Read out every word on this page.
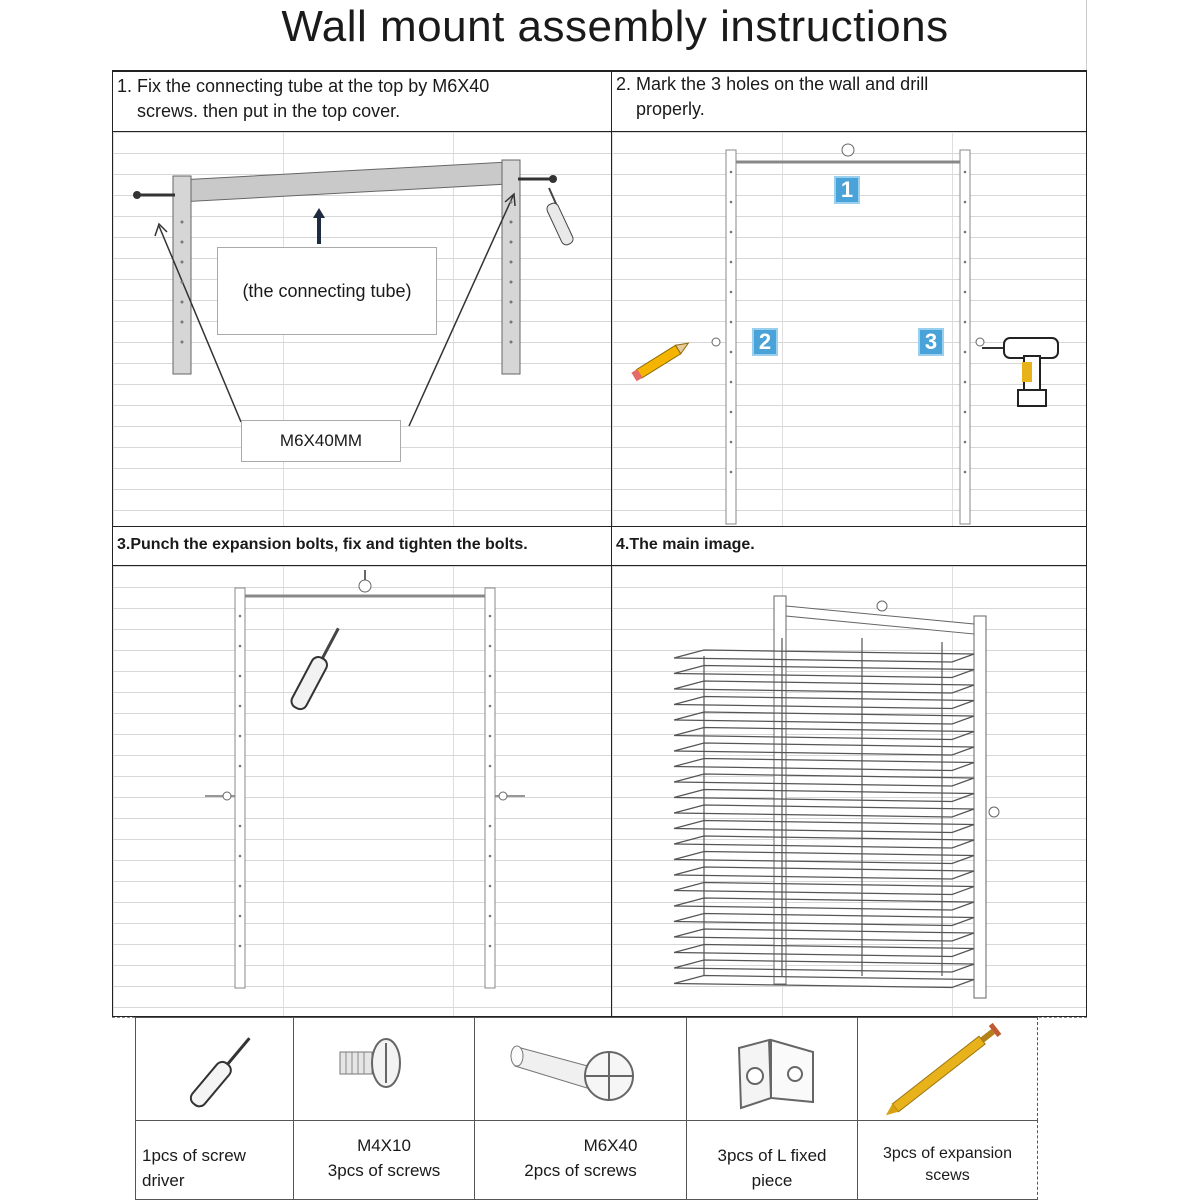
Wall mount assembly instructions
1. Fix the connecting tube at the top by M6X40
screws. then put in the top cover.
(the connecting tube)
M6X40MM
2. Mark the 3 holes on the wall and drill
properly.
1
2	3
3.Punch the expansion bolts, fix and tighten the bolts.	4.The main image.
1pcs of screw
driver
M4X10
3pcs of screws
M6X40
2pcs of screws
3pcs of L fixed
piece
3pcs of expansion
scews
